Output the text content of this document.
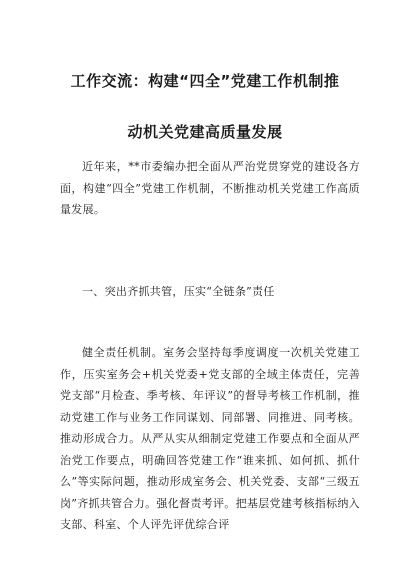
工作交流：构建“四全”党建工作机制推
动机关党建高质量发展
近年来，**市委编办把全面从严治党贯穿党的建设各方面，构建“四全”党建工作机制，不断推动机关党建工作高质量发展。
一、突出齐抓共管，压实“全链条”责任
健全责任机制。室务会坚持每季度调度一次机关党建工作，压实室务会+机关党委+党支部的全域主体责任，完善党支部“月检查、季考核、年评议”的督导考核工作机制，推动党建工作与业务工作同谋划、同部署、同推进、同考核。推动形成合力。从严从实从细制定党建工作要点和全面从严治党工作要点，明确回答党建工作“谁来抓、如何抓、抓什么”等实际问题，推动形成室务会、机关党委、支部“三级五岗”齐抓共管合力。强化督责考评。把基层党建考核指标纳入支部、科室、个人评先评优综合评
